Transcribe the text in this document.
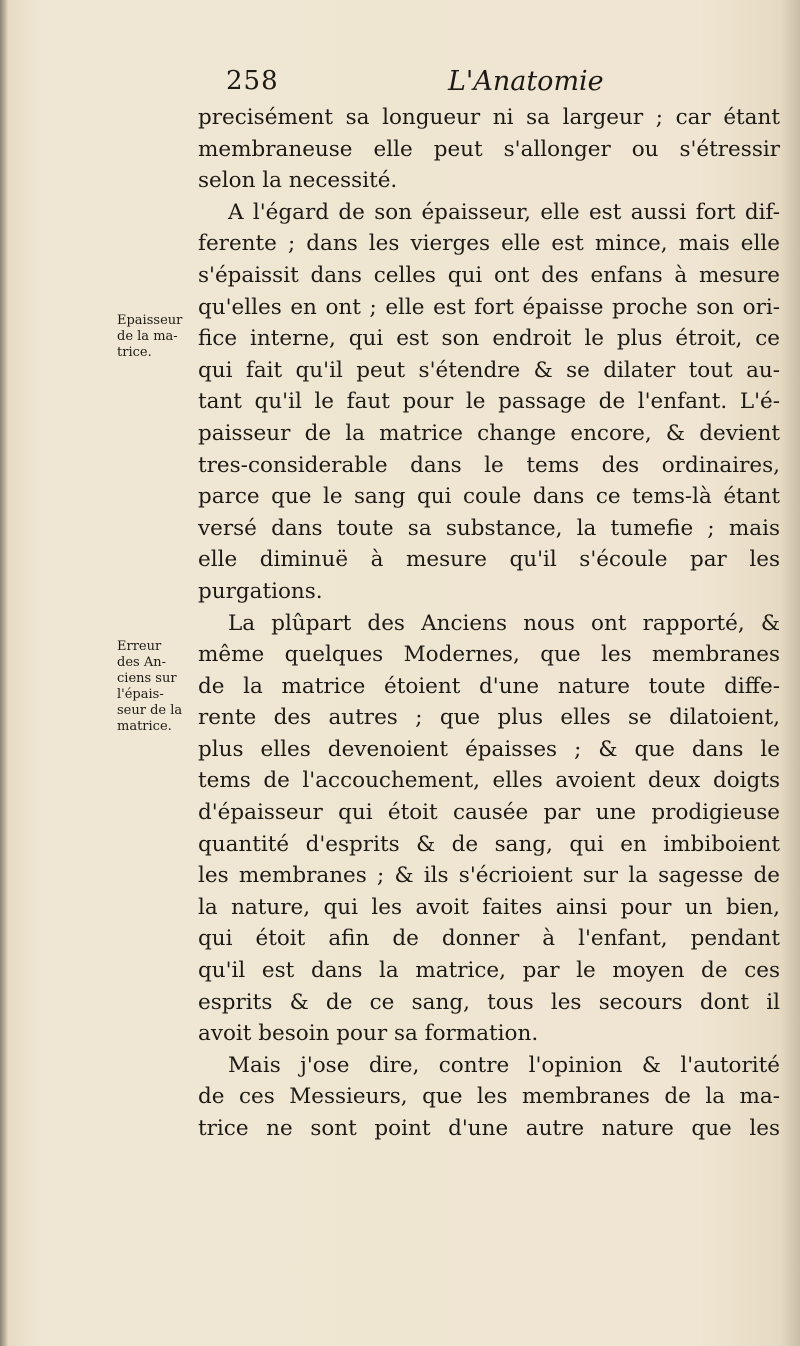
258	L'Anatomie
Epaisseur
de la ma-
trice.
Erreur
des An-
ciens sur
l'épais-
seur de la
matrice.
precisément sa longueur ni sa largeur ; car étant
membraneuse elle peut s'allonger ou s'étressir
selon la necessité.
A l'égard de son épaisseur, elle est aussi fort dif-
ferente ; dans les vierges elle est mince, mais elle
s'épaissit dans celles qui ont des enfans à mesure
qu'elles en ont ; elle est fort épaisse proche son ori-
fice interne, qui est son endroit le plus étroit, ce
qui fait qu'il peut s'étendre & se dilater tout au-
tant qu'il le faut pour le passage de l'enfant. L'é-
paisseur de la matrice change encore, & devient
tres-considerable dans le tems des ordinaires,
parce que le sang qui coule dans ce tems-là étant
versé dans toute sa substance, la tumefie ; mais
elle diminuë à mesure qu'il s'écoule par les
purgations.
La plûpart des Anciens nous ont rapporté, &
même quelques Modernes, que les membranes
de la matrice étoient d'une nature toute diffe-
rente des autres ; que plus elles se dilatoient,
plus elles devenoient épaisses ; & que dans le
tems de l'accouchement, elles avoient deux doigts
d'épaisseur qui étoit causée par une prodigieuse
quantité d'esprits & de sang, qui en imbiboient
les membranes ; & ils s'écrioient sur la sagesse de
la nature, qui les avoit faites ainsi pour un bien,
qui étoit afin de donner à l'enfant, pendant
qu'il est dans la matrice, par le moyen de ces
esprits & de ce sang, tous les secours dont il
avoit besoin pour sa formation.
Mais j'ose dire, contre l'opinion & l'autorité
de ces Messieurs, que les membranes de la ma-
trice ne sont point d'une autre nature que les
